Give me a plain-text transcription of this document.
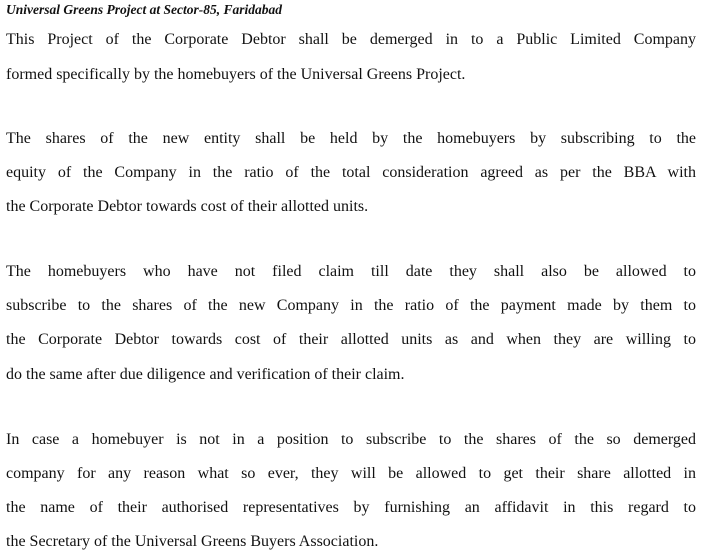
Universal Greens Project at Sector-85, Faridabad
This Project of the Corporate Debtor shall be demerged in to a Public Limited Company
formed specifically by the homebuyers of the Universal Greens Project.
The shares of the new entity shall be held by the homebuyers by subscribing to the
equity of the Company in the ratio of the total consideration agreed as per the BBA with
the Corporate Debtor towards cost of their allotted units.
The homebuyers who have not filed claim till date they shall also be allowed to
subscribe to the shares of the new Company in the ratio of the payment made by them to
the Corporate Debtor towards cost of their allotted units as and when they are willing to
do the same after due diligence and verification of their claim.
In case a homebuyer is not in a position to subscribe to the shares of the so demerged
company for any reason what so ever, they will be allowed to get their share allotted in
the name of their authorised representatives by furnishing an affidavit in this regard to
the Secretary of the Universal Greens Buyers Association.
